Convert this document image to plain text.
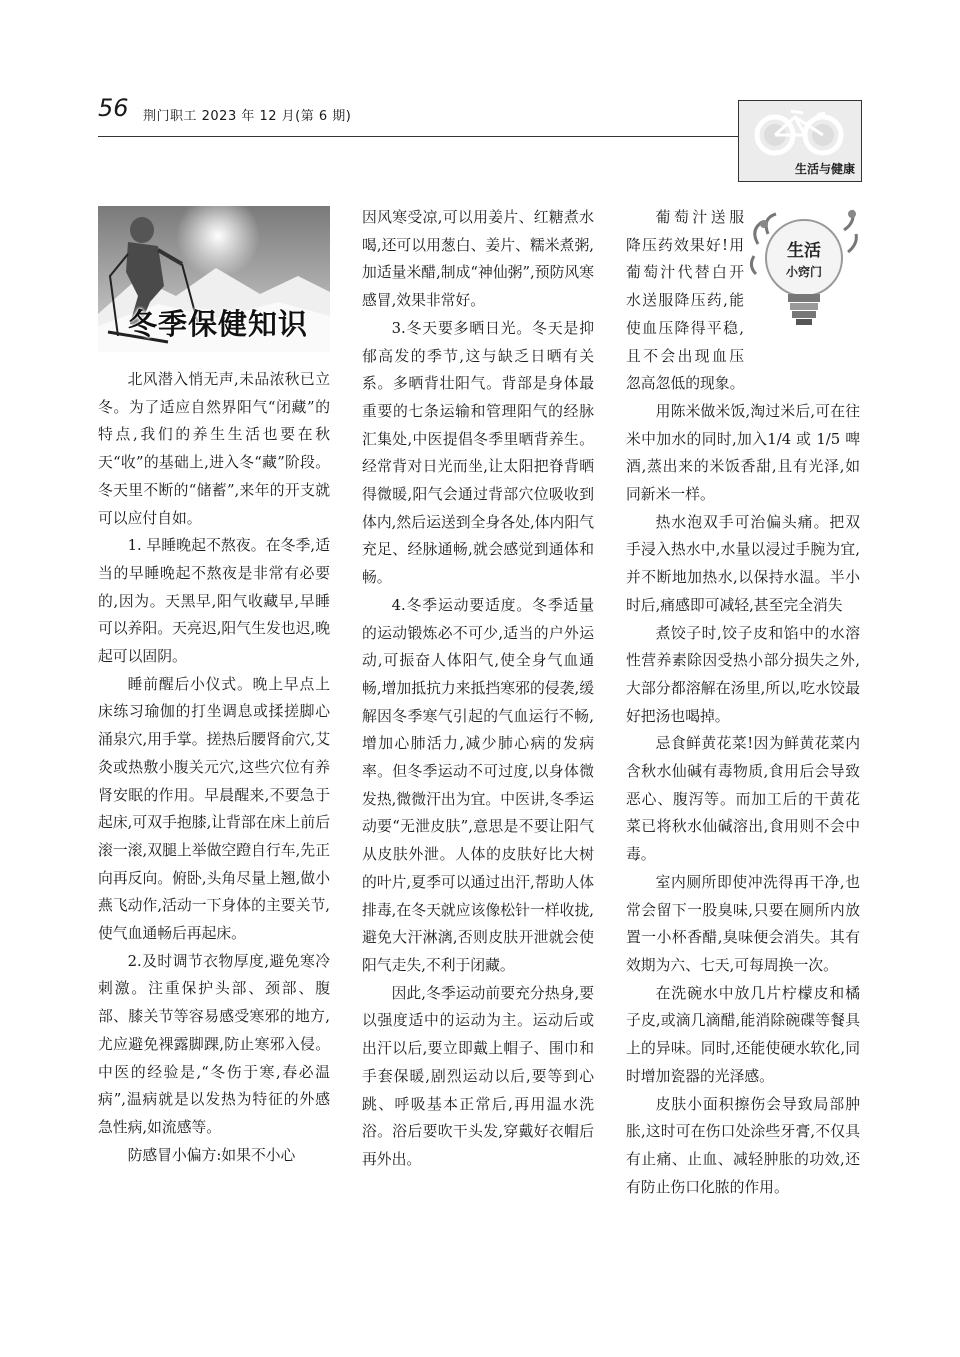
56 荆门职工 2023 年 12 月(第 6 期)
生活与健康
冬季保健知识

北风潜入悄无声,未品浓秋已立冬。为了适应自然界阳气“闭藏”的特点,我们的养生生活也要在秋天“收”的基础上,进入冬“藏”阶段。冬天里不断的“储蓄”,来年的开支就可以应付自如。

1. 早睡晚起不熬夜。在冬季,适当的早睡晚起不熬夜是非常有必要的,因为。天黑早,阳气收藏早,早睡可以养阳。天亮迟,阳气生发也迟,晚起可以固阴。

睡前醒后小仪式。晚上早点上床练习瑜伽的打坐调息或揉搓脚心涌泉穴,用手掌。搓热后腰肾俞穴,艾灸或热敷小腹关元穴,这些穴位有养肾安眠的作用。早晨醒来,不要急于起床,可双手抱膝,让背部在床上前后滚一滚,双腿上举做空蹬自行车,先正向再反向。俯卧,头角尽量上翘,做小燕飞动作,活动一下身体的主要关节,使气血通畅后再起床。

2.及时调节衣物厚度,避免寒冷刺激。注重保护头部、颈部、腹部、膝关节等容易感受寒邪的地方,尤应避免裸露脚踝,防止寒邪入侵。中医的经验是,“冬伤于寒,春必温病”,温病就是以发热为特征的外感急性病,如流感等。

防感冒小偏方:如果不小心

因风寒受凉,可以用姜片、红糖煮水喝,还可以用葱白、姜片、糯米煮粥,加适量米醋,制成“神仙粥”,预防风寒感冒,效果非常好。

3.冬天要多晒日光。冬天是抑郁高发的季节,这与缺乏日晒有关系。多晒背壮阳气。背部是身体最重要的七条运输和管理阳气的经脉汇集处,中医提倡冬季里晒背养生。经常背对日光而坐,让太阳把脊背晒得微暖,阳气会通过背部穴位吸收到体内,然后运送到全身各处,体内阳气充足、经脉通畅,就会感觉到通体和畅。

4.冬季运动要适度。冬季适量的运动锻炼必不可少,适当的户外运动,可振奋人体阳气,使全身气血通畅,增加抵抗力来抵挡寒邪的侵袭,缓解因冬季寒气引起的气血运行不畅,增加心肺活力,减少肺心病的发病率。但冬季运动不可过度,以身体微发热,微微汗出为宜。中医讲,冬季运动要“无泄皮肤”,意思是不要让阳气从皮肤外泄。人体的皮肤好比大树的叶片,夏季可以通过出汗,帮助人体排毒,在冬天就应该像松针一样收拢,避免大汗淋漓,否则皮肤开泄就会使阳气走失,不利于闭藏。

因此,冬季运动前要充分热身,要以强度适中的运动为主。运动后或出汗以后,要立即戴上帽子、围巾和手套保暖,剧烈运动以后,要等到心跳、呼吸基本正常后,再用温水洗浴。浴后要吹干头发,穿戴好衣帽后再外出。

生活
小窍门

葡萄汁送服降压药效果好!用葡萄汁代替白开水送服降压药,能使血压降得平稳,且不会出现血压忽高忽低的现象。

用陈米做米饭,淘过米后,可在往米中加水的同时,加入1/4 或 1/5 啤酒,蒸出来的米饭香甜,且有光泽,如同新米一样。

热水泡双手可治偏头痛。把双手浸入热水中,水量以浸过手腕为宜,并不断地加热水,以保持水温。半小时后,痛感即可减轻,甚至完全消失

煮饺子时,饺子皮和馅中的水溶性营养素除因受热小部分损失之外,大部分都溶解在汤里,所以,吃水饺最好把汤也喝掉。

忌食鲜黄花菜!因为鲜黄花菜内含秋水仙碱有毒物质,食用后会导致恶心、腹泻等。而加工后的干黄花菜已将秋水仙碱溶出,食用则不会中毒。

室内厕所即使冲洗得再干净,也常会留下一股臭味,只要在厕所内放置一小杯香醋,臭味便会消失。其有效期为六、七天,可每周换一次。

在洗碗水中放几片柠檬皮和橘子皮,或滴几滴醋,能消除碗碟等餐具上的异味。同时,还能使硬水软化,同时增加瓷器的光泽感。

皮肤小面积擦伤会导致局部肿胀,这时可在伤口处涂些牙膏,不仅具有止痛、止血、减轻肿胀的功效,还有防止伤口化脓的作用。
